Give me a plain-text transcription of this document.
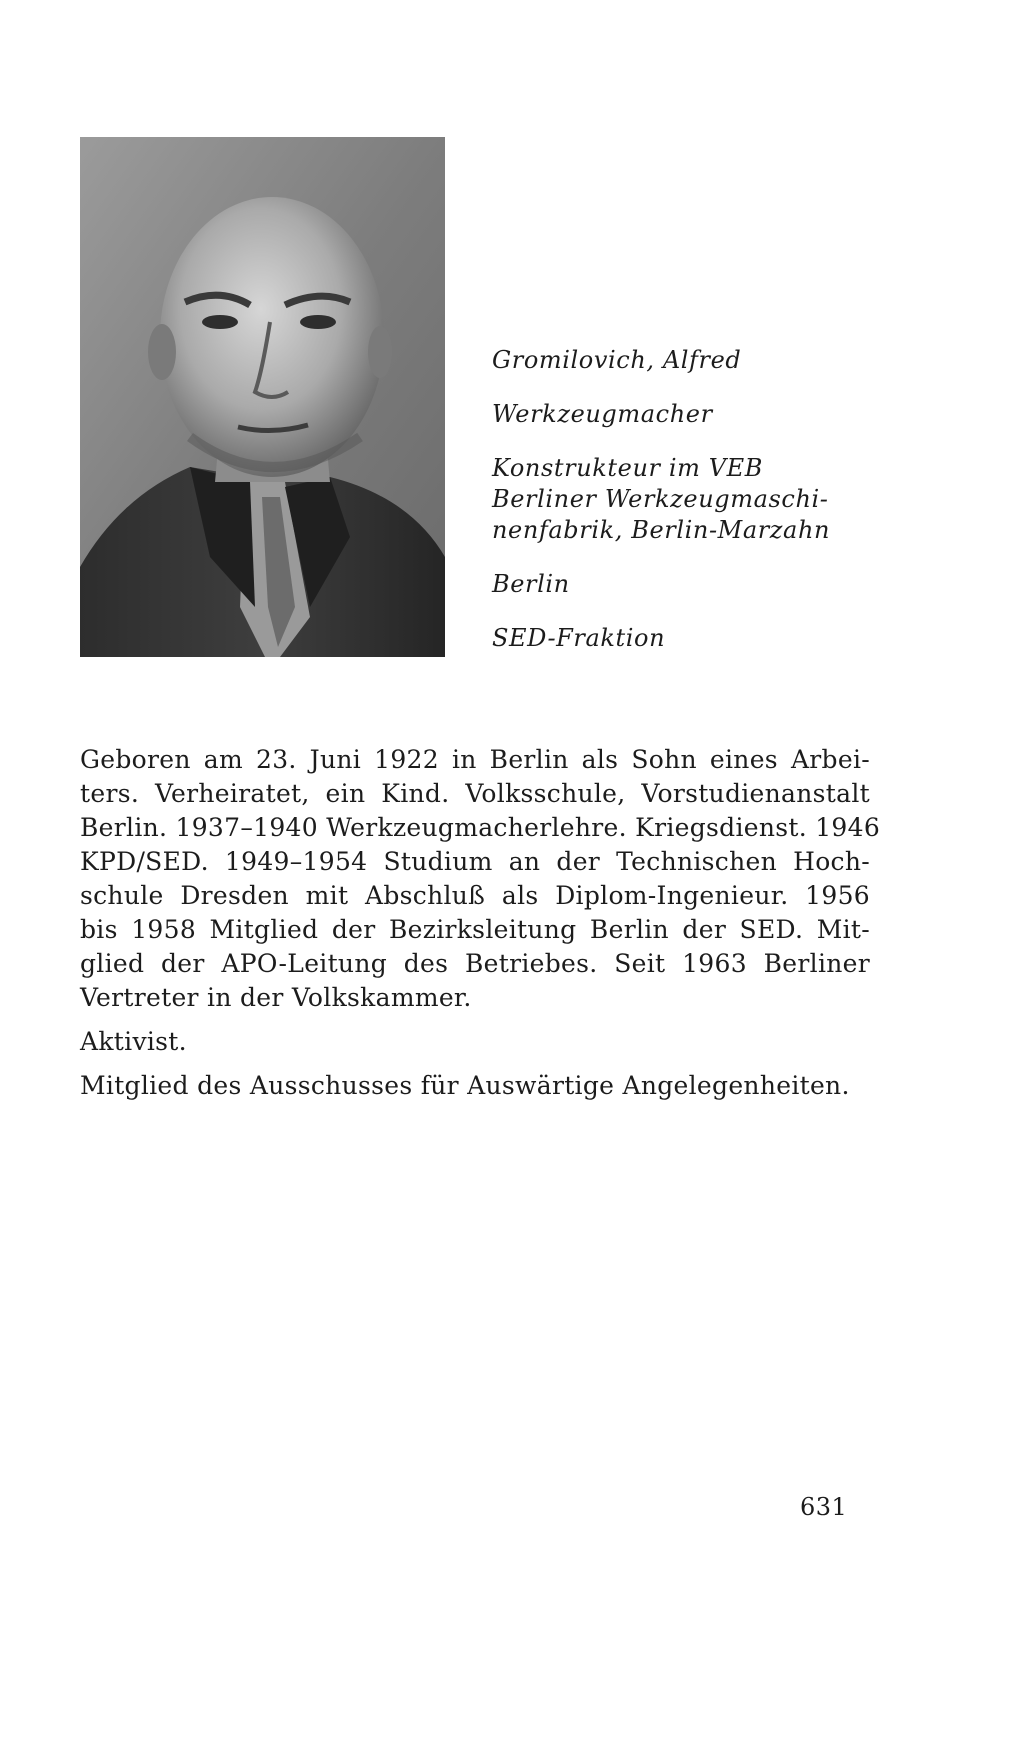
Gromilovich, Alfred
Werkzeugmacher
Konstrukteur im VEB
Berliner Werkzeugmaschi-
nenfabrik, Berlin-Marzahn
Berlin
SED-Fraktion
Geboren am 23. Juni 1922 in Berlin als Sohn eines Arbei-
ters. Verheiratet, ein Kind. Volksschule, Vorstudienanstalt
Berlin. 1937–1940 Werkzeugmacherlehre. Kriegsdienst. 1946
KPD/SED. 1949–1954 Studium an der Technischen Hoch-
schule Dresden mit Abschluß als Diplom-Ingenieur. 1956
bis 1958 Mitglied der Bezirksleitung Berlin der SED. Mit-
glied der APO-Leitung des Betriebes. Seit 1963 Berliner
Vertreter in der Volkskammer.
Aktivist.
Mitglied des Ausschusses für Auswärtige Angelegenheiten.
631
